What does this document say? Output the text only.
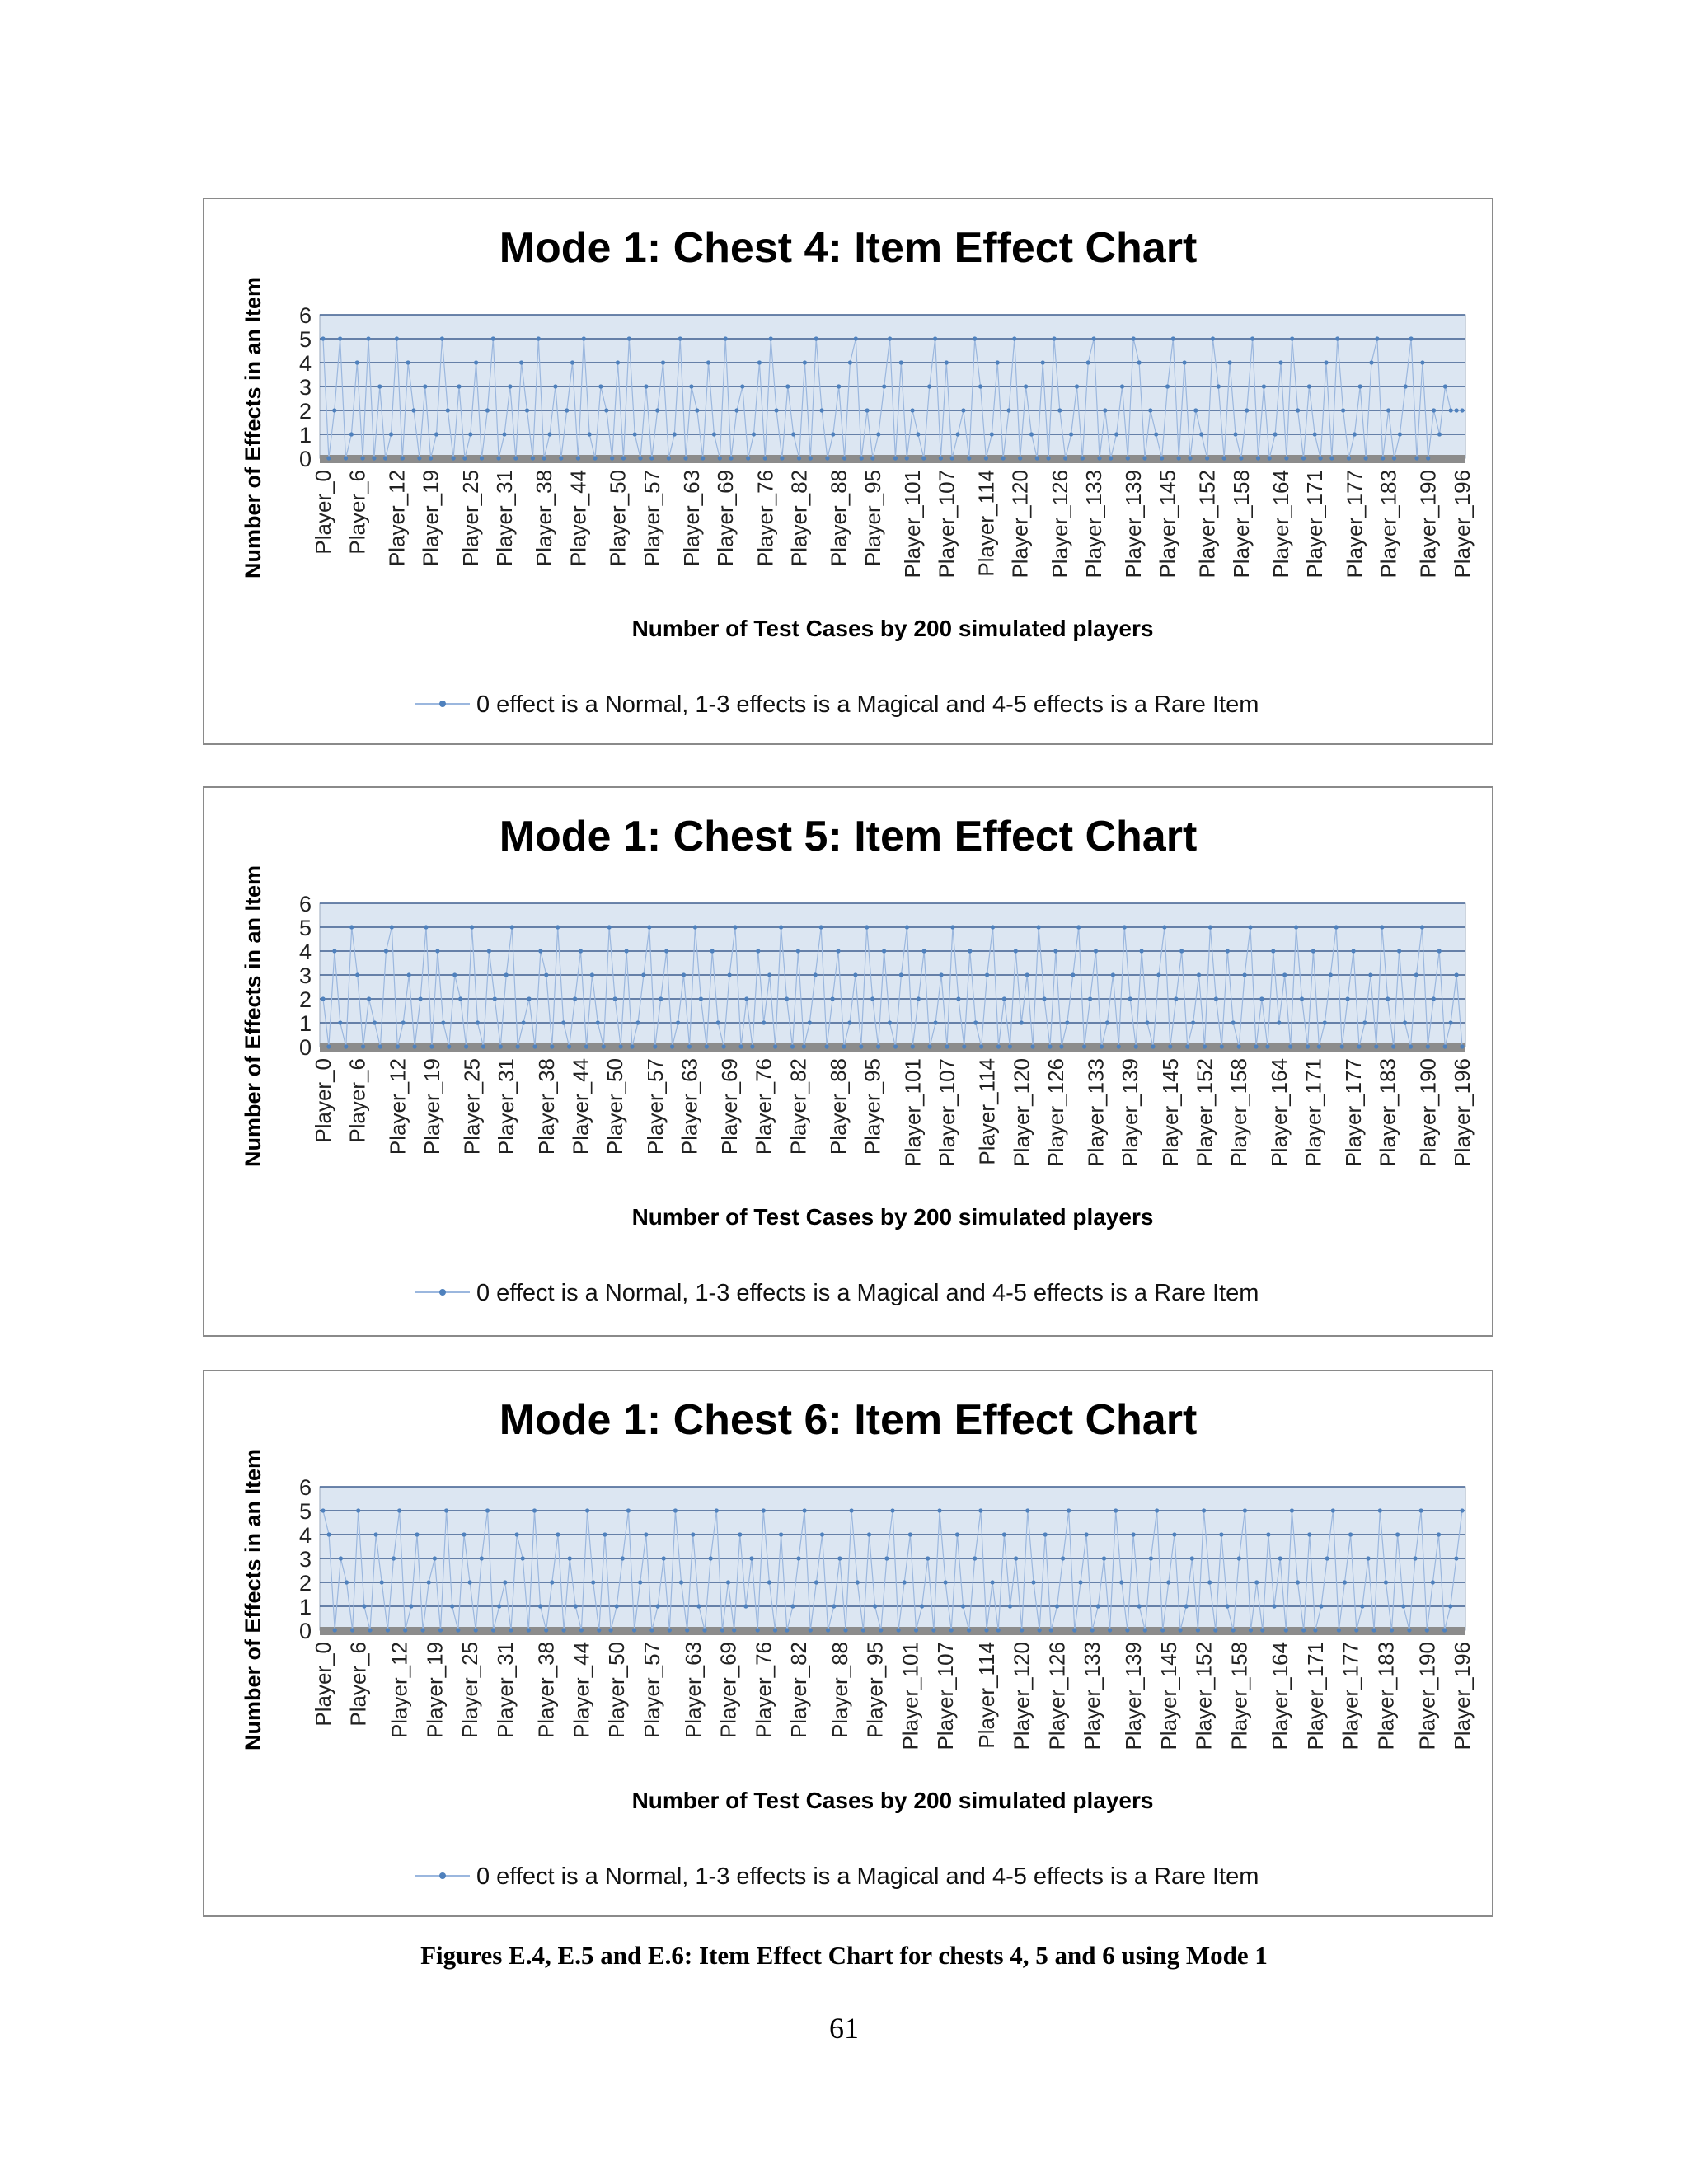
Mode 1: Chest 4: Item Effect Chart
0
1
2
3
4
5
6
Player_0 Player_6 Player_12 Player_19 Player_25 Player_31 Player_38 Player_44 Player_50 Player_57 Player_63 Player_69 Player_76 Player_82 Player_88 Player_95 Player_101 Player_107 Player_114 Player_120 Player_126 Player_133 Player_139 Player_145 Player_152 Player_158 Player_164 Player_171 Player_177 Player_183 Player_190 Player_196
Number of Effects in an Item
Number of Test Cases by 200 simulated players
0 effect is a Normal, 1-3 effects is a Magical and 4-5 effects is a Rare Item
Mode 1: Chest 5: Item Effect Chart
0
1
2
3
4
5
6
Player_0 Player_6 Player_12 Player_19 Player_25 Player_31 Player_38 Player_44 Player_50 Player_57 Player_63 Player_69 Player_76 Player_82 Player_88 Player_95 Player_101 Player_107 Player_114 Player_120 Player_126 Player_133 Player_139 Player_145 Player_152 Player_158 Player_164 Player_171 Player_177 Player_183 Player_190 Player_196
Number of Effects in an Item
Number of Test Cases by 200 simulated players
0 effect is a Normal, 1-3 effects is a Magical and 4-5 effects is a Rare Item
Mode 1: Chest 6: Item Effect Chart
0
1
2
3
4
5
6
Player_0 Player_6 Player_12 Player_19 Player_25 Player_31 Player_38 Player_44 Player_50 Player_57 Player_63 Player_69 Player_76 Player_82 Player_88 Player_95 Player_101 Player_107 Player_114 Player_120 Player_126 Player_133 Player_139 Player_145 Player_152 Player_158 Player_164 Player_171 Player_177 Player_183 Player_190 Player_196
Number of Effects in an Item
Number of Test Cases by 200 simulated players
0 effect is a Normal, 1-3 effects is a Magical and 4-5 effects is a Rare Item
Figures E.4, E.5 and E.6: Item Effect Chart for chests 4, 5 and 6 using Mode 1
61
